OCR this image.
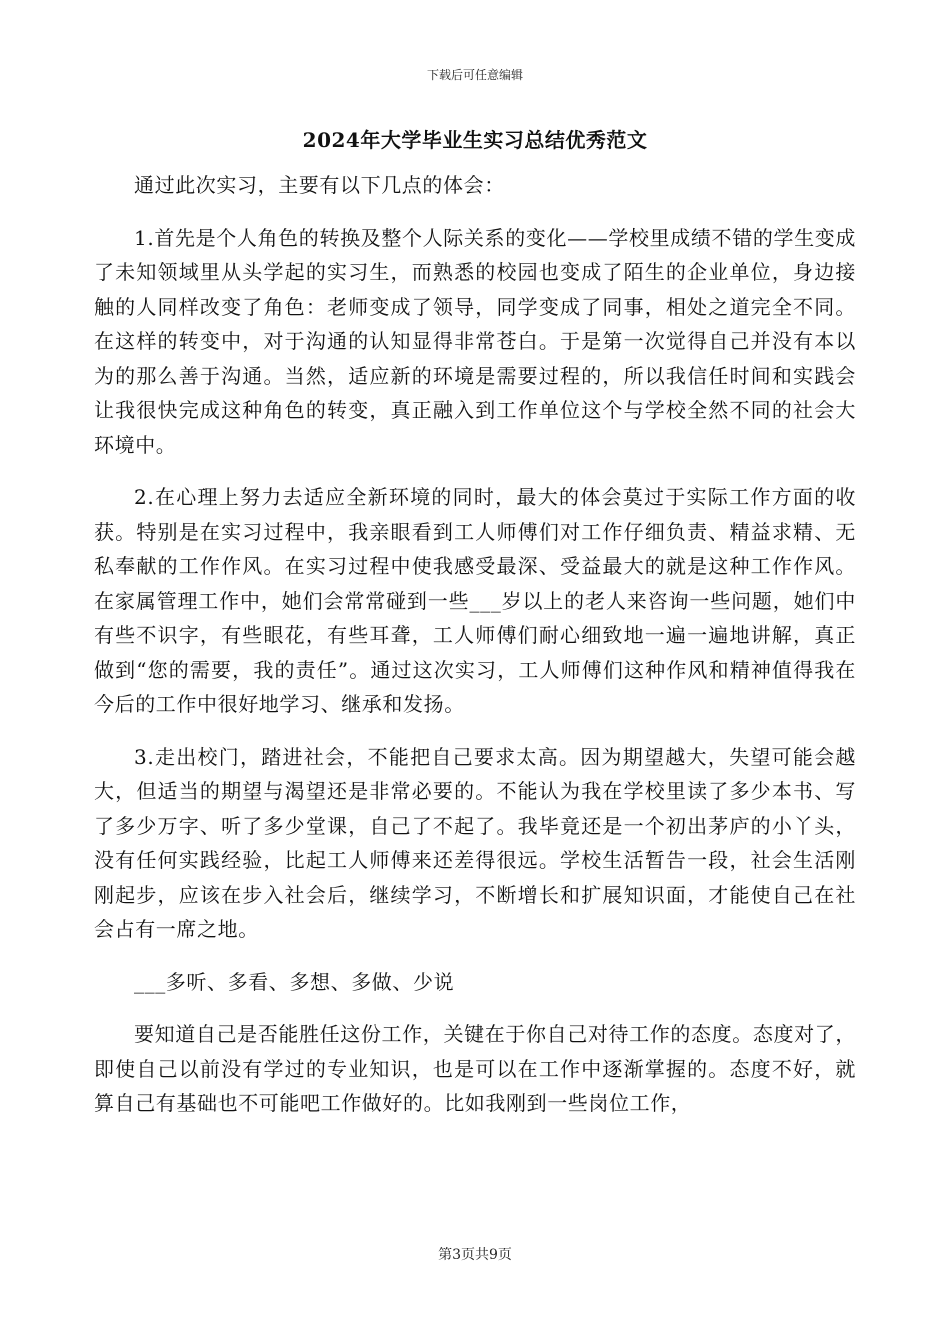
下载后可任意编辑
2024年大学毕业生实习总结优秀范文

通过此次实习，主要有以下几点的体会：

1.首先是个人角色的转换及整个人际关系的变化——学校里成绩不错的学生变成了未知领域里从头学起的实习生，而熟悉的校园也变成了陌生的企业单位，身边接触的人同样改变了角色：老师变成了领导，同学变成了同事，相处之道完全不同。在这样的转变中，对于沟通的认知显得非常苍白。于是第一次觉得自己并没有本以为的那么善于沟通。当然，适应新的环境是需要过程的，所以我信任时间和实践会让我很快完成这种角色的转变，真正融入到工作单位这个与学校全然不同的社会大环境中。

2.在心理上努力去适应全新环境的同时，最大的体会莫过于实际工作方面的收获。特别是在实习过程中，我亲眼看到工人师傅们对工作仔细负责、精益求精、无私奉献的工作作风。在实习过程中使我感受最深、受益最大的就是这种工作作风。在家属管理工作中，她们会常常碰到一些___岁以上的老人来咨询一些问题，她们中有些不识字，有些眼花，有些耳聋，工人师傅们耐心细致地一遍一遍地讲解，真正做到“您的需要，我的责任”。通过这次实习，工人师傅们这种作风和精神值得我在今后的工作中很好地学习、继承和发扬。

3.走出校门，踏进社会，不能把自己要求太高。因为期望越大，失望可能会越大，但适当的期望与渴望还是非常必要的。不能认为我在学校里读了多少本书、写了多少万字、听了多少堂课，自己了不起了。我毕竟还是一个初出茅庐的小丫头，没有任何实践经验，比起工人师傅来还差得很远。学校生活暂告一段，社会生活刚刚起步，应该在步入社会后，继续学习，不断增长和扩展知识面，才能使自己在社会占有一席之地。

___多听、多看、多想、多做、少说

要知道自己是否能胜任这份工作，关键在于你自己对待工作的态度。态度对了，即使自己以前没有学过的专业知识，也是可以在工作中逐渐掌握的。态度不好，就算自己有基础也不可能吧工作做好的。比如我刚到一些岗位工作，

第3页共9页
